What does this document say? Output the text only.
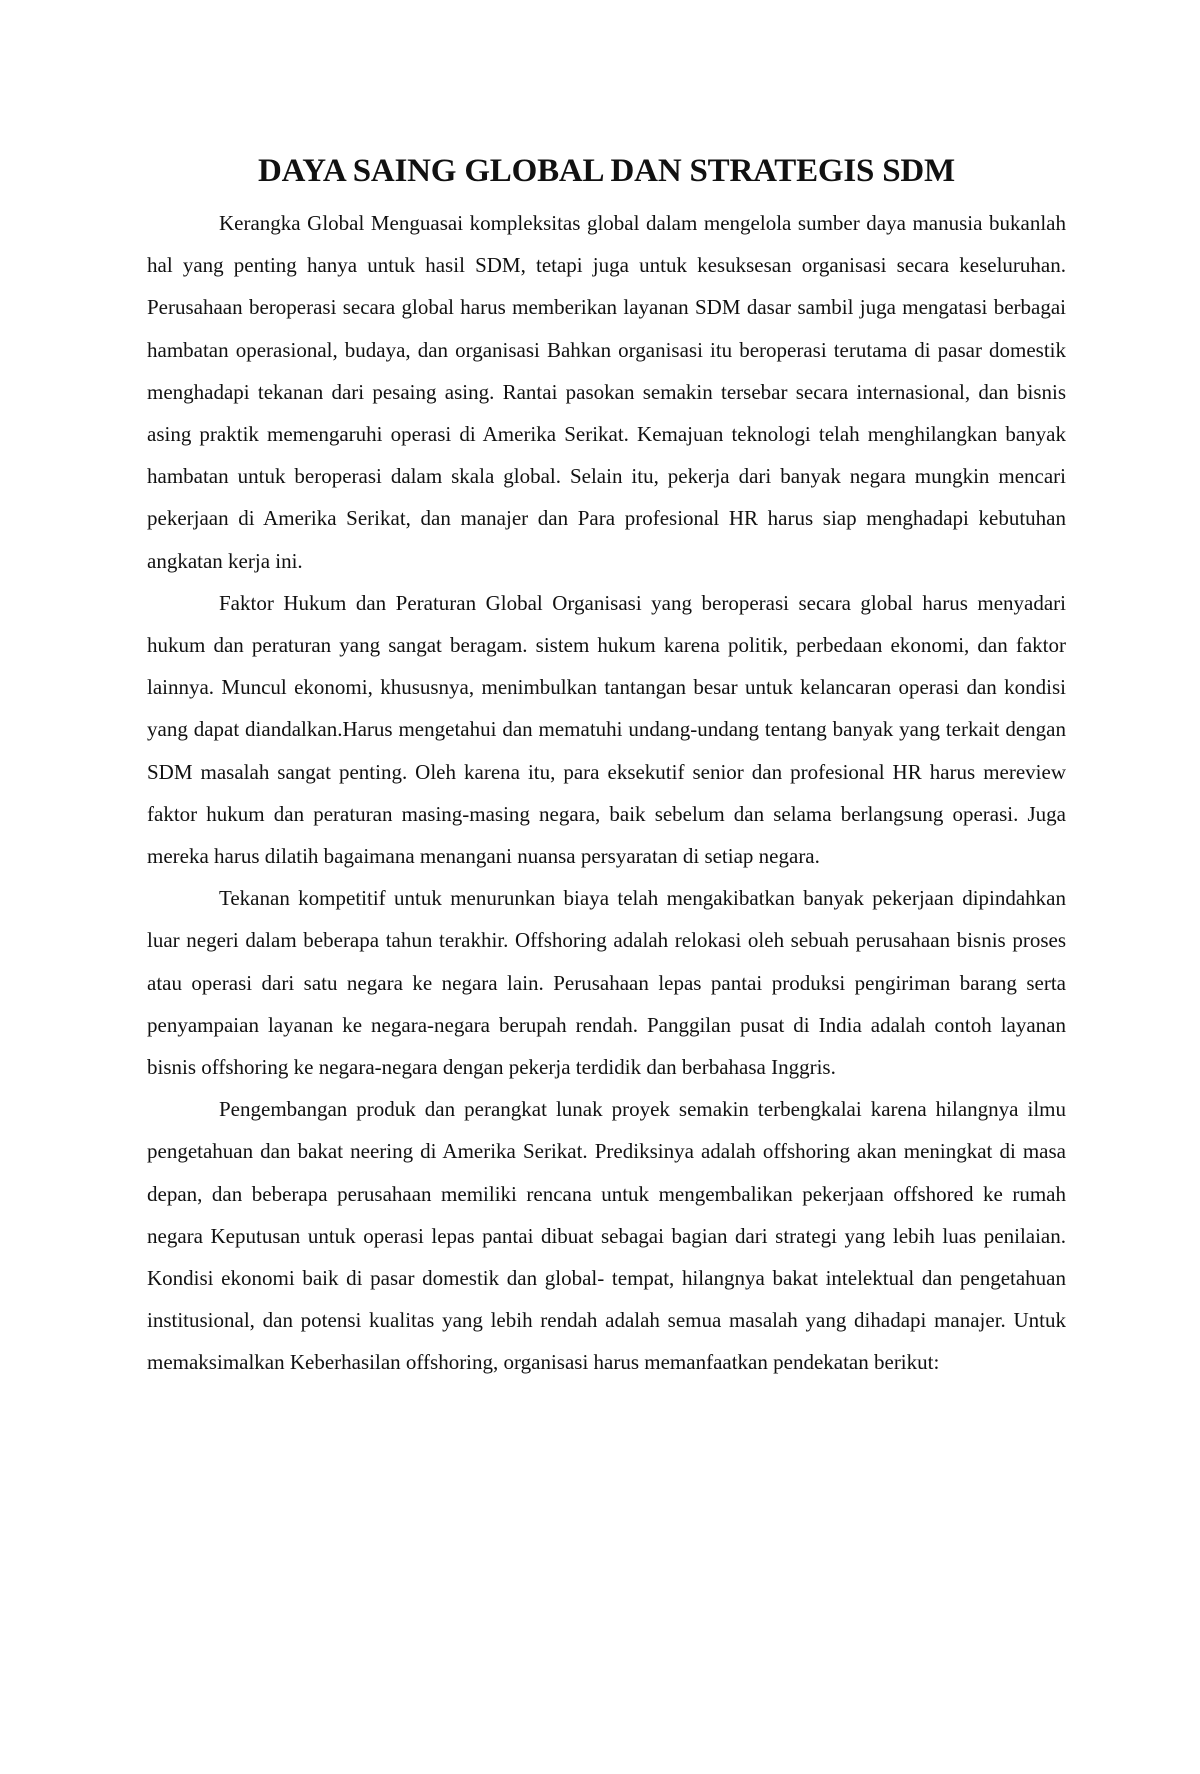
DAYA SAING GLOBAL DAN STRATEGIS SDM

Kerangka Global Menguasai kompleksitas global dalam mengelola sumber daya manusia bukanlah hal yang penting hanya untuk hasil SDM, tetapi juga untuk kesuksesan organisasi secara keseluruhan. Perusahaan beroperasi secara global harus memberikan layanan SDM dasar sambil juga mengatasi berbagai hambatan operasional, budaya, dan organisasi Bahkan organisasi itu beroperasi terutama di pasar domestik menghadapi tekanan dari pesaing asing. Rantai pasokan semakin tersebar secara internasional, dan bisnis asing praktik memengaruhi operasi di Amerika Serikat. Kemajuan teknologi telah menghilangkan banyak hambatan untuk beroperasi dalam skala global. Selain itu, pekerja dari banyak negara mungkin mencari pekerjaan di Amerika Serikat, dan manajer dan Para profesional HR harus siap menghadapi kebutuhan angkatan kerja ini.

Faktor Hukum dan Peraturan Global Organisasi yang beroperasi secara global harus menyadari hukum dan peraturan yang sangat beragam. sistem hukum karena politik, perbedaan ekonomi, dan faktor lainnya. Muncul ekonomi, khususnya, menimbulkan tantangan besar untuk kelancaran operasi dan kondisi yang dapat diandalkan.Harus mengetahui dan mematuhi undang-undang tentang banyak yang terkait dengan SDM masalah sangat penting. Oleh karena itu, para eksekutif senior dan profesional HR harus mereview faktor hukum dan peraturan masing-masing negara, baik sebelum dan selama berlangsung operasi. Juga mereka harus dilatih bagaimana menangani nuansa persyaratan di setiap negara.

Tekanan kompetitif untuk menurunkan biaya telah mengakibatkan banyak pekerjaan dipindahkan luar negeri dalam beberapa tahun terakhir. Offshoring adalah relokasi oleh sebuah perusahaan bisnis proses atau operasi dari satu negara ke negara lain. Perusahaan lepas pantai produksi pengiriman barang serta penyampaian layanan ke negara-negara berupah rendah. Panggilan pusat di India adalah contoh layanan bisnis offshoring ke negara-negara dengan pekerja terdidik dan berbahasa Inggris.

Pengembangan produk dan perangkat lunak proyek semakin terbengkalai karena hilangnya ilmu pengetahuan dan bakat neering di Amerika Serikat. Prediksinya adalah offshoring akan meningkat di masa depan, dan beberapa perusahaan memiliki rencana untuk mengembalikan pekerjaan offshored ke rumah negara Keputusan untuk operasi lepas pantai dibuat sebagai bagian dari strategi yang lebih luas penilaian. Kondisi ekonomi baik di pasar domestik dan global- tempat, hilangnya bakat intelektual dan pengetahuan institusional, dan potensi kualitas yang lebih rendah adalah semua masalah yang dihadapi manajer. Untuk memaksimalkan Keberhasilan offshoring, organisasi harus memanfaatkan pendekatan berikut:
